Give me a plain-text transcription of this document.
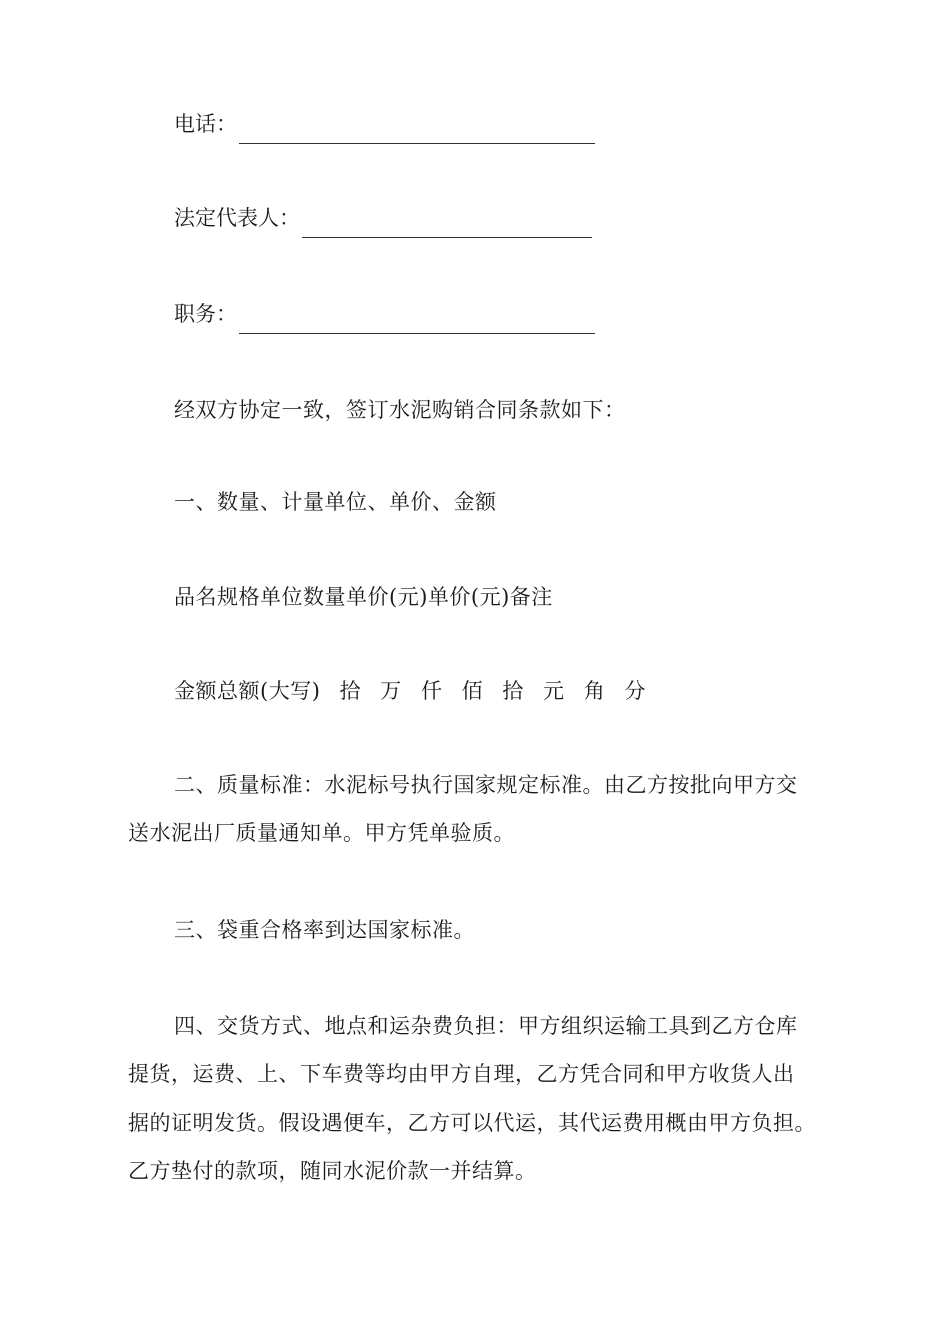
电话：
法定代表人：
职务：
经双方协定一致，签订水泥购销合同条款如下：
一、数量、计量单位、单价、金额
品名规格单位数量单价(元)单价(元)备注
金额总额(大写) 拾 万 仟 佰 拾 元 角 分
二、质量标准：水泥标号执行国家规定标准。由乙方按批向甲方交
送水泥出厂质量通知单。甲方凭单验质。
三、袋重合格率到达国家标准。
四、交货方式、地点和运杂费负担：甲方组织运输工具到乙方仓库
提货，运费、上、下车费等均由甲方自理，乙方凭合同和甲方收货人出
据的证明发货。假设遇便车，乙方可以代运，其代运费用概由甲方负担。
乙方垫付的款项，随同水泥价款一并结算。
